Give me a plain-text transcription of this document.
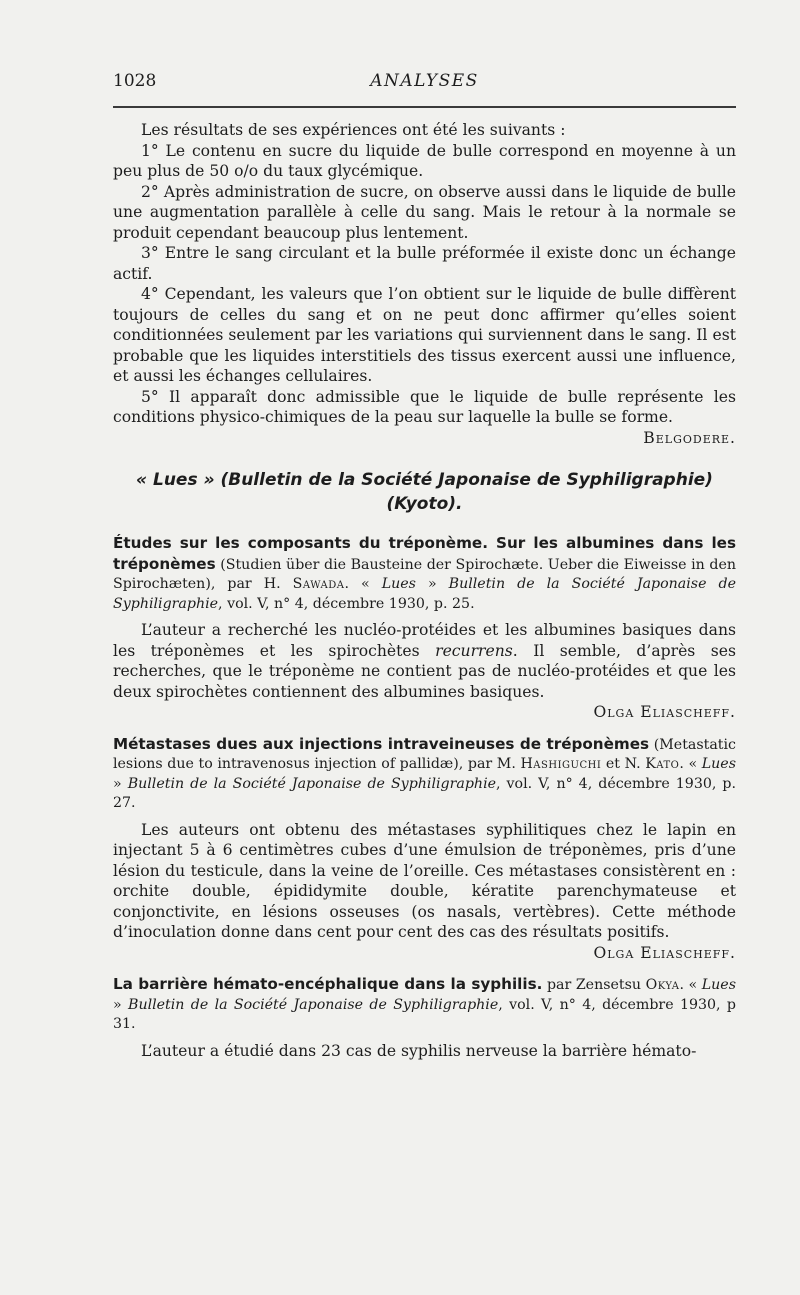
1028	ANALYSES

Les résultats de ses expériences ont été les suivants :

1° Le contenu en sucre du liquide de bulle correspond en moyenne à un peu plus de 50 o/o du taux glycémique.

2° Après administration de sucre, on observe aussi dans le liquide de bulle une augmentation parallèle à celle du sang. Mais le retour à la normale se produit cependant beaucoup plus lentement.

3° Entre le sang circulant et la bulle préformée il existe donc un échange actif.

4° Cependant, les valeurs que l’on obtient sur le liquide de bulle diffèrent toujours de celles du sang et on ne peut donc affirmer qu’elles soient conditionnées seulement par les variations qui surviennent dans le sang. Il est probable que les liquides interstitiels des tissus exercent aussi une influence, et aussi les échanges cellulaires.

5° Il apparaît donc admissible que le liquide de bulle représente les conditions physico-chimiques de la peau sur laquelle la bulle se forme.

Belgodere.

« Lues » (Bulletin de la Société Japonaise de Syphiligraphie) (Kyoto).

Études sur les composants du tréponème. Sur les albumines dans les tréponèmes (Studien über die Bausteine der Spirochæte. Ueber die Eiweisse in den Spirochæten), par H. Sawada. « Lues » Bulletin de la Société Japonaise de Syphiligraphie, vol. V, n° 4, décembre 1930, p. 25.

L’auteur a recherché les nucléo-protéides et les albumines basiques dans les tréponèmes et les spirochètes recurrens. Il semble, d’après ses recherches, que le tréponème ne contient pas de nucléo-protéides et que les deux spirochètes contiennent des albumines basiques.

Olga Eliascheff.

Métastases dues aux injections intraveineuses de tréponèmes (Metastatic lesions due to intravenosus injection of pallidæ), par M. Hashiguchi et N. Kato. « Lues » Bulletin de la Société Japonaise de Syphiligraphie, vol. V, n° 4, décembre 1930, p. 27.

Les auteurs ont obtenu des métastases syphilitiques chez le lapin en injectant 5 à 6 centimètres cubes d’une émulsion de tréponèmes, pris d’une lésion du testicule, dans la veine de l’oreille. Ces métastases consistèrent en : orchite double, épididymite double, kératite parenchymateuse et conjonctivite, en lésions osseuses (os nasals, vertèbres). Cette méthode d’inoculation donne dans cent pour cent des cas des résultats positifs.

Olga Eliascheff.

La barrière hémato-encéphalique dans la syphilis. par Zensetsu Okya. « Lues » Bulletin de la Société Japonaise de Syphiligraphie, vol. V, n° 4, décembre 1930, p 31.

L’auteur a étudié dans 23 cas de syphilis nerveuse la barrière hémato-
